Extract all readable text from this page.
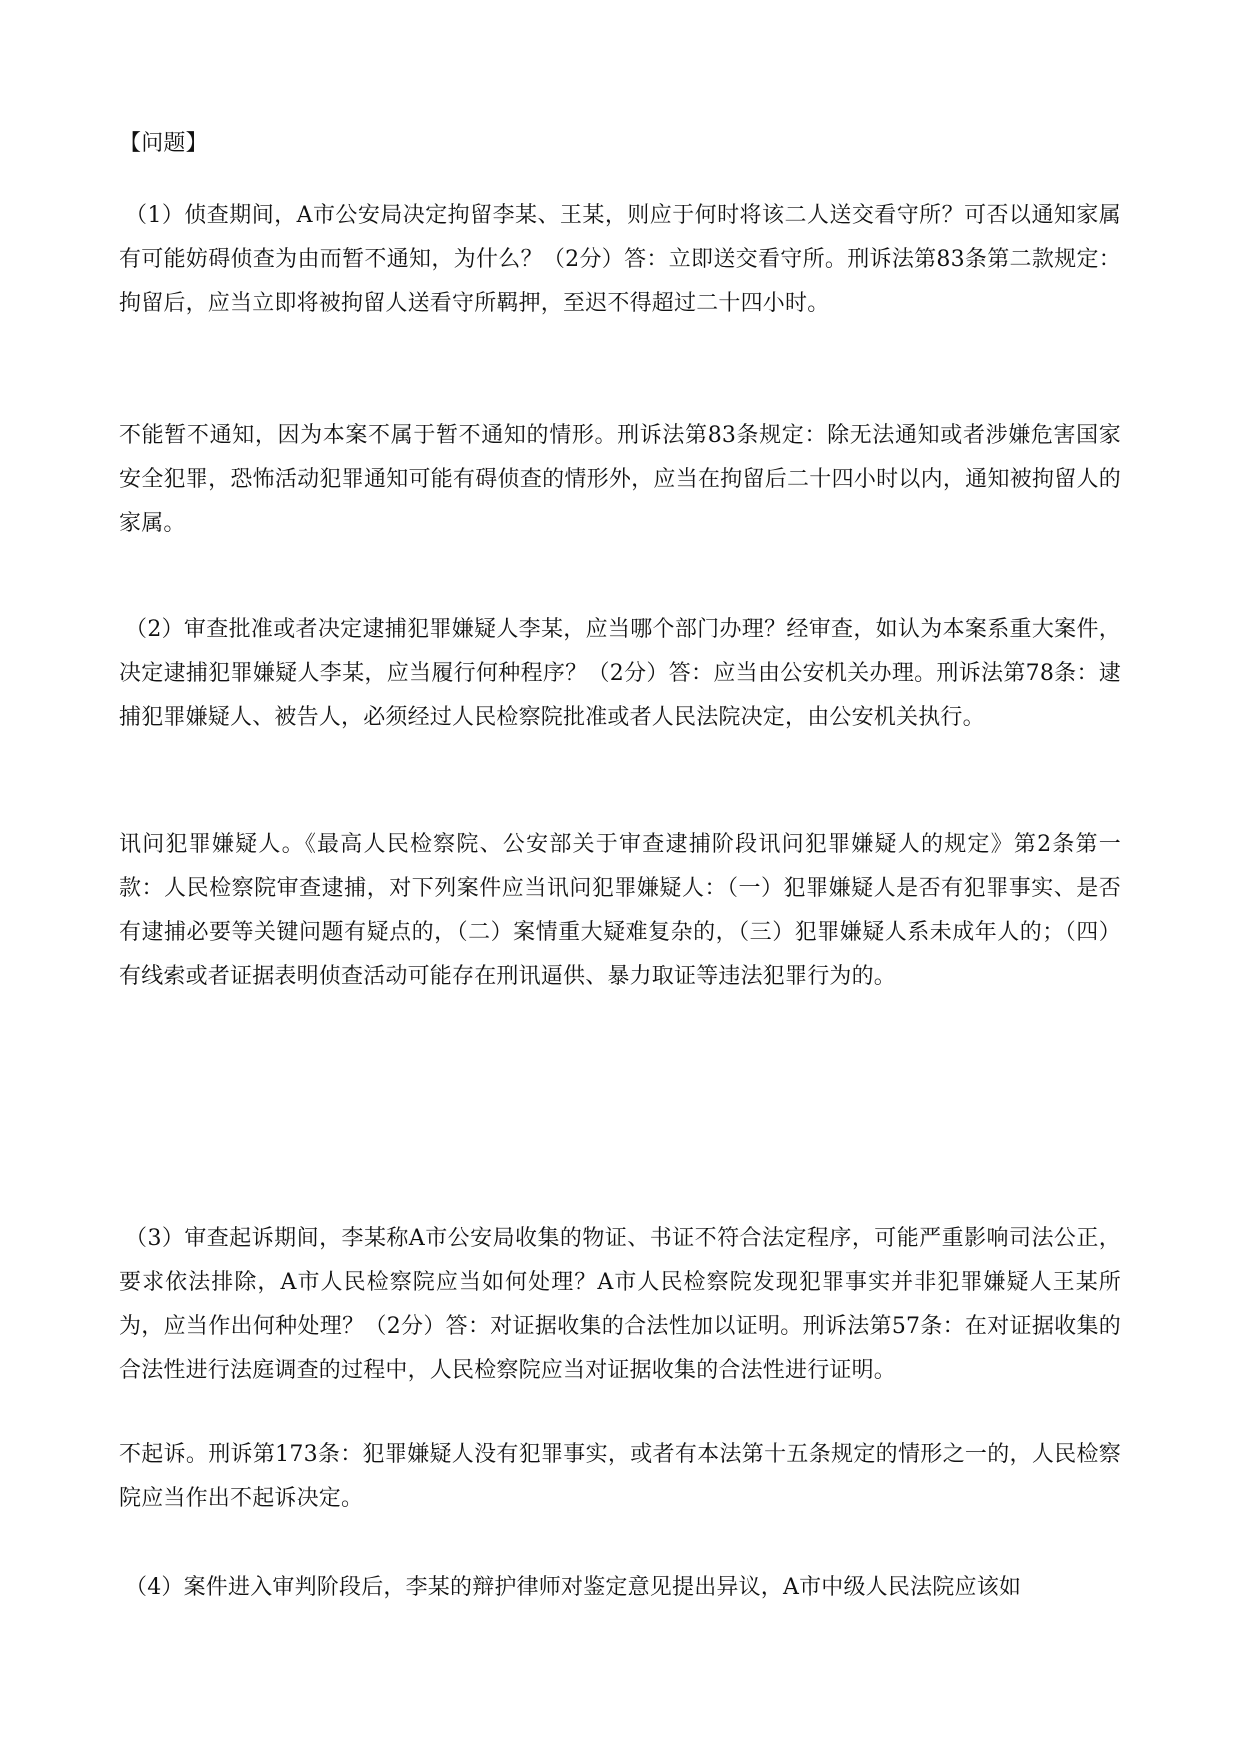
【问题】

（1）侦查期间，A市公安局决定拘留李某、王某，则应于何时将该二人送交看守所？可否以通知家属有可能妨碍侦查为由而暂不通知，为什么？（2分）答：立即送交看守所。刑诉法第83条第二款规定：拘留后，应当立即将被拘留人送看守所羁押，至迟不得超过二十四小时。

不能暂不通知，因为本案不属于暂不通知的情形。刑诉法第83条规定：除无法通知或者涉嫌危害国家安全犯罪，恐怖活动犯罪通知可能有碍侦查的情形外，应当在拘留后二十四小时以内，通知被拘留人的家属。

（2）审查批准或者决定逮捕犯罪嫌疑人李某，应当哪个部门办理？经审查，如认为本案系重大案件，决定逮捕犯罪嫌疑人李某，应当履行何种程序？（2分）答：应当由公安机关办理。刑诉法第78条：逮捕犯罪嫌疑人、被告人，必须经过人民检察院批准或者人民法院决定，由公安机关执行。

讯问犯罪嫌疑人。《最高人民检察院、公安部关于审查逮捕阶段讯问犯罪嫌疑人的规定》第2条第一款：人民检察院审查逮捕，对下列案件应当讯问犯罪嫌疑人：（一）犯罪嫌疑人是否有犯罪事实、是否有逮捕必要等关键问题有疑点的，（二）案情重大疑难复杂的，（三）犯罪嫌疑人系未成年人的；（四）有线索或者证据表明侦查活动可能存在刑讯逼供、暴力取证等违法犯罪行为的。

（3）审查起诉期间，李某称A市公安局收集的物证、书证不符合法定程序，可能严重影响司法公正，要求依法排除，A市人民检察院应当如何处理？A市人民检察院发现犯罪事实并非犯罪嫌疑人王某所为，应当作出何种处理？（2分）答：对证据收集的合法性加以证明。刑诉法第57条：在对证据收集的合法性进行法庭调查的过程中，人民检察院应当对证据收集的合法性进行证明。

不起诉。刑诉第173条：犯罪嫌疑人没有犯罪事实，或者有本法第十五条规定的情形之一的，人民检察院应当作出不起诉决定。

（4）案件进入审判阶段后，李某的辩护律师对鉴定意见提出异议，A市中级人民法院应该如
